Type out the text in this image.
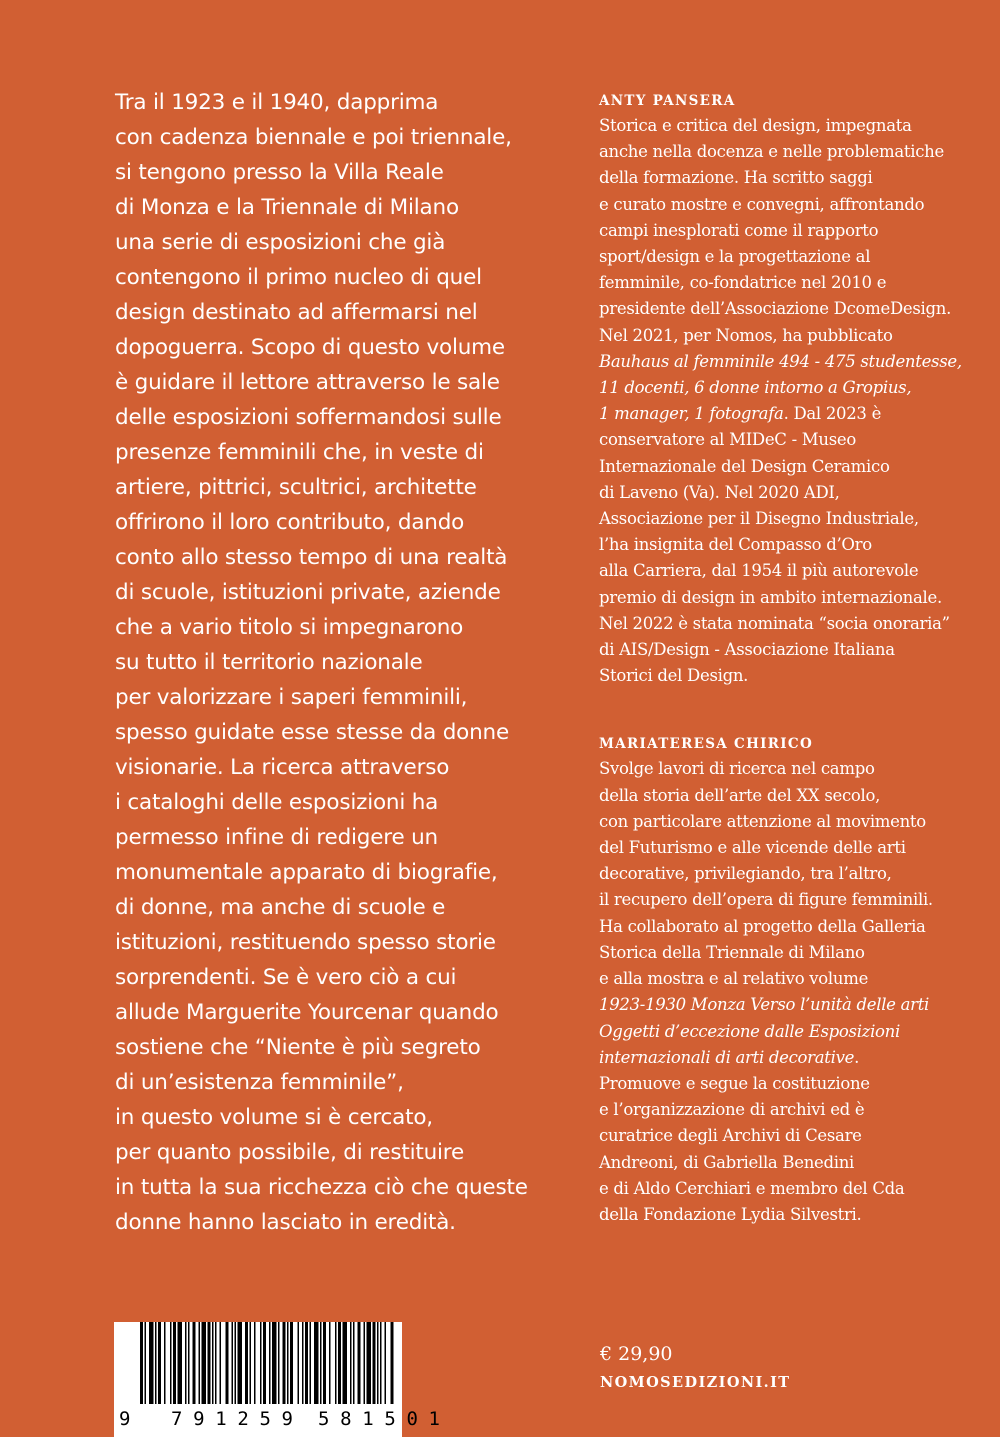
Tra il 1923 e il 1940, dapprima
con cadenza biennale e poi triennale,
si tengono presso la Villa Reale
di Monza e la Triennale di Milano
una serie di esposizioni che già
contengono il primo nucleo di quel
design destinato ad affermarsi nel
dopoguerra. Scopo di questo volume
è guidare il lettore attraverso le sale
delle esposizioni soffermandosi sulle
presenze femminili che, in veste di
artiere, pittrici, scultrici, architette
offrirono il loro contributo, dando
conto allo stesso tempo di una realtà
di scuole, istituzioni private, aziende
che a vario titolo si impegnarono
su tutto il territorio nazionale
per valorizzare i saperi femminili,
spesso guidate esse stesse da donne
visionarie. La ricerca attraverso
i cataloghi delle esposizioni ha
permesso infine di redigere un
monumentale apparato di biografie,
di donne, ma anche di scuole e
istituzioni, restituendo spesso storie
sorprendenti. Se è vero ciò a cui
allude Marguerite Yourcenar quando
sostiene che “Niente è più segreto
di un’esistenza femminile”,
in questo volume si è cercato,
per quanto possibile, di restituire
in tutta la sua ricchezza ciò che queste
donne hanno lasciato in eredità.
ANTY PANSERA
Storica e critica del design, impegnata
anche nella docenza e nelle problematiche
della formazione. Ha scritto saggi
e curato mostre e convegni, affrontando
campi inesplorati come il rapporto
sport/design e la progettazione al
femminile, co-fondatrice nel 2010 e
presidente dell’Associazione DcomeDesign.
Nel 2021, per Nomos, ha pubblicato
Bauhaus al femminile 494 - 475 studentesse,
11 docenti, 6 donne intorno a Gropius,
1 manager, 1 fotografa. Dal 2023 è
conservatore al MIDeC - Museo
Internazionale del Design Ceramico
di Laveno (Va). Nel 2020 ADI,
Associazione per il Disegno Industriale,
l’ha insignita del Compasso d’Oro
alla Carriera, dal 1954 il più autorevole
premio di design in ambito internazionale.
Nel 2022 è stata nominata “socia onoraria”
di AIS/Design - Associazione Italiana
Storici del Design.
MARIATERESA CHIRICO
Svolge lavori di ricerca nel campo
della storia dell’arte del XX secolo,
con particolare attenzione al movimento
del Futurismo e alle vicende delle arti
decorative, privilegiando, tra l’altro,
il recupero dell’opera di figure femminili.
Ha collaborato al progetto della Galleria
Storica della Triennale di Milano
e alla mostra e al relativo volume
1923-1930 Monza Verso l’unità delle arti
Oggetti d’eccezione dalle Esposizioni
internazionali di arti decorative.
Promuove e segue la costituzione
e l’organizzazione di archivi ed è
curatrice degli Archivi di Cesare
Andreoni, di Gabriella Benedini
e di Aldo Cerchiari e membro del Cda
della Fondazione Lydia Silvestri.
9 791259 581501
€ 29,90
NOMOSEDIZIONI.IT
